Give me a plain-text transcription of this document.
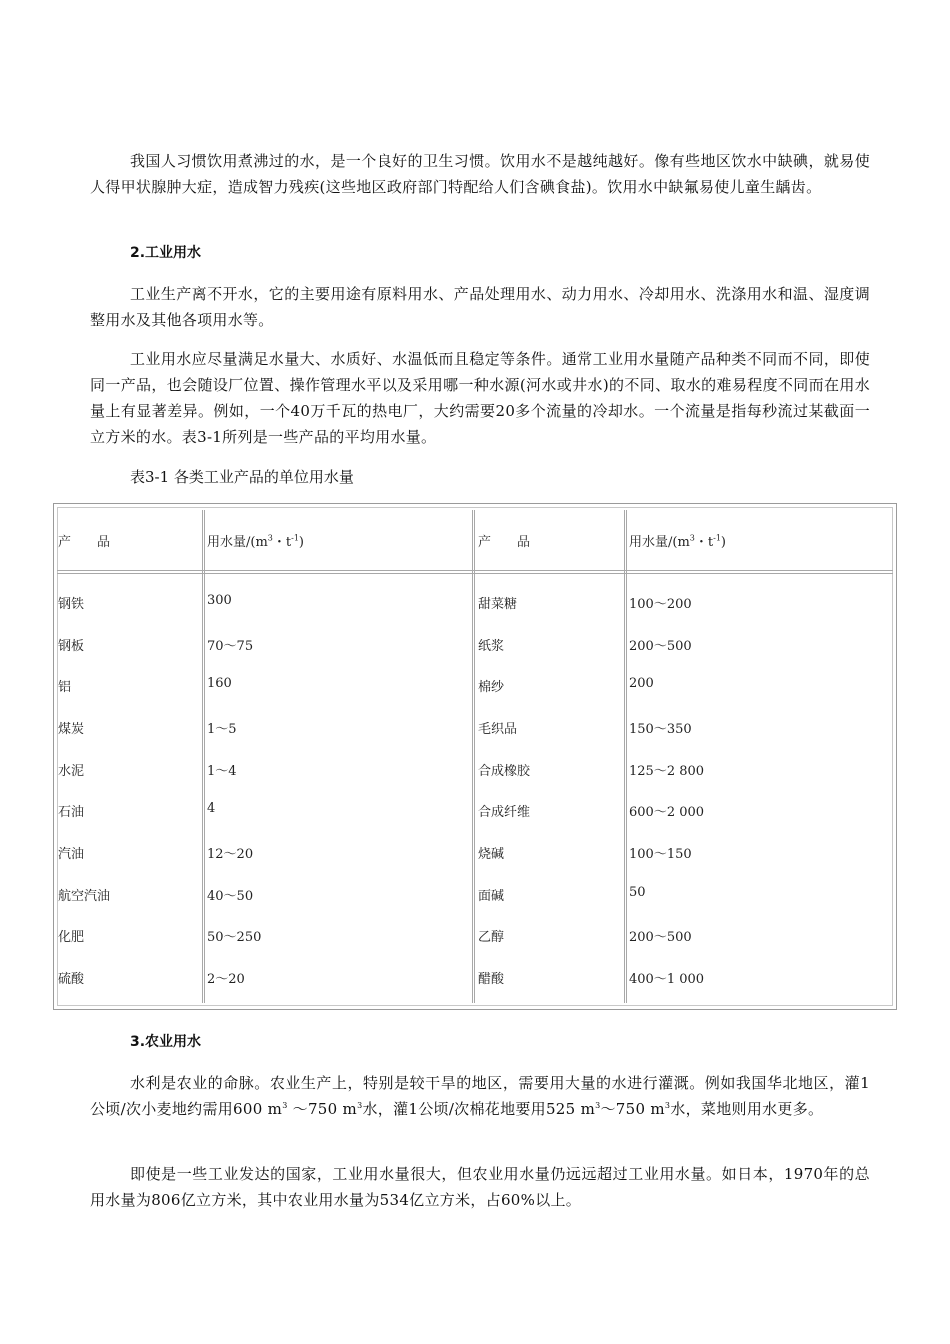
我国人习惯饮用煮沸过的水，是一个良好的卫生习惯。饮用水不是越纯越好。像有些地区饮水中缺碘，就易使人得甲状腺肿大症，造成智力残疾(这些地区政府部门特配给人们含碘食盐)。饮用水中缺氟易使儿童生龋齿。

2.工业用水

工业生产离不开水，它的主要用途有原料用水、产品处理用水、动力用水、冷却用水、洗涤用水和温、湿度调整用水及其他各项用水等。

工业用水应尽量满足水量大、水质好、水温低而且稳定等条件。通常工业用水量随产品种类不同而不同，即使同一产品，也会随设厂位置、操作管理水平以及采用哪一种水源(河水或井水)的不同、取水的难易程度不同而在用水量上有显著差异。例如，一个40万千瓦的热电厂，大约需要20多个流量的冷却水。一个流量是指每秒流过某截面一立方米的水。表3-1所列是一些产品的平均用水量。

表3-1 各类工业产品的单位用水量

产　　品	用水量$/(m^3$・$t^{-1}$)	产　　品	用水量$/(m^3$・$t^{-1}$)
钢铁	300	甜菜糖	100～200
钢板	70～75	纸浆	200～500
铝	160	棉纱	200
煤炭	1～5	毛织品	150～350
水泥	1～4	合成橡胶	125～2 800
石油	4	合成纤维	600～2 000
汽油	12～20	烧碱	100～150
航空汽油	40～50	面碱	50
化肥	50～250	乙醇	200～500
硫酸	2～20	醋酸	400～1 000

3.农业用水

水利是农业的命脉。农业生产上，特别是较干旱的地区，需要用大量的水进行灌溉。例如我国华北地区，灌1公顷/次小麦地约需用600 $m^3$ ～750 $m^3$水，灌1公顷/次棉花地要用525 $m^3\sim 750$ $m^3$水，菜地则用水更多。

即使是一些工业发达的国家，工业用水量很大，但农业用水量仍远远超过工业用水量。如日本，1970年的总用水量为806亿立方米，其中农业用水量为534亿立方米，占60%以上。
